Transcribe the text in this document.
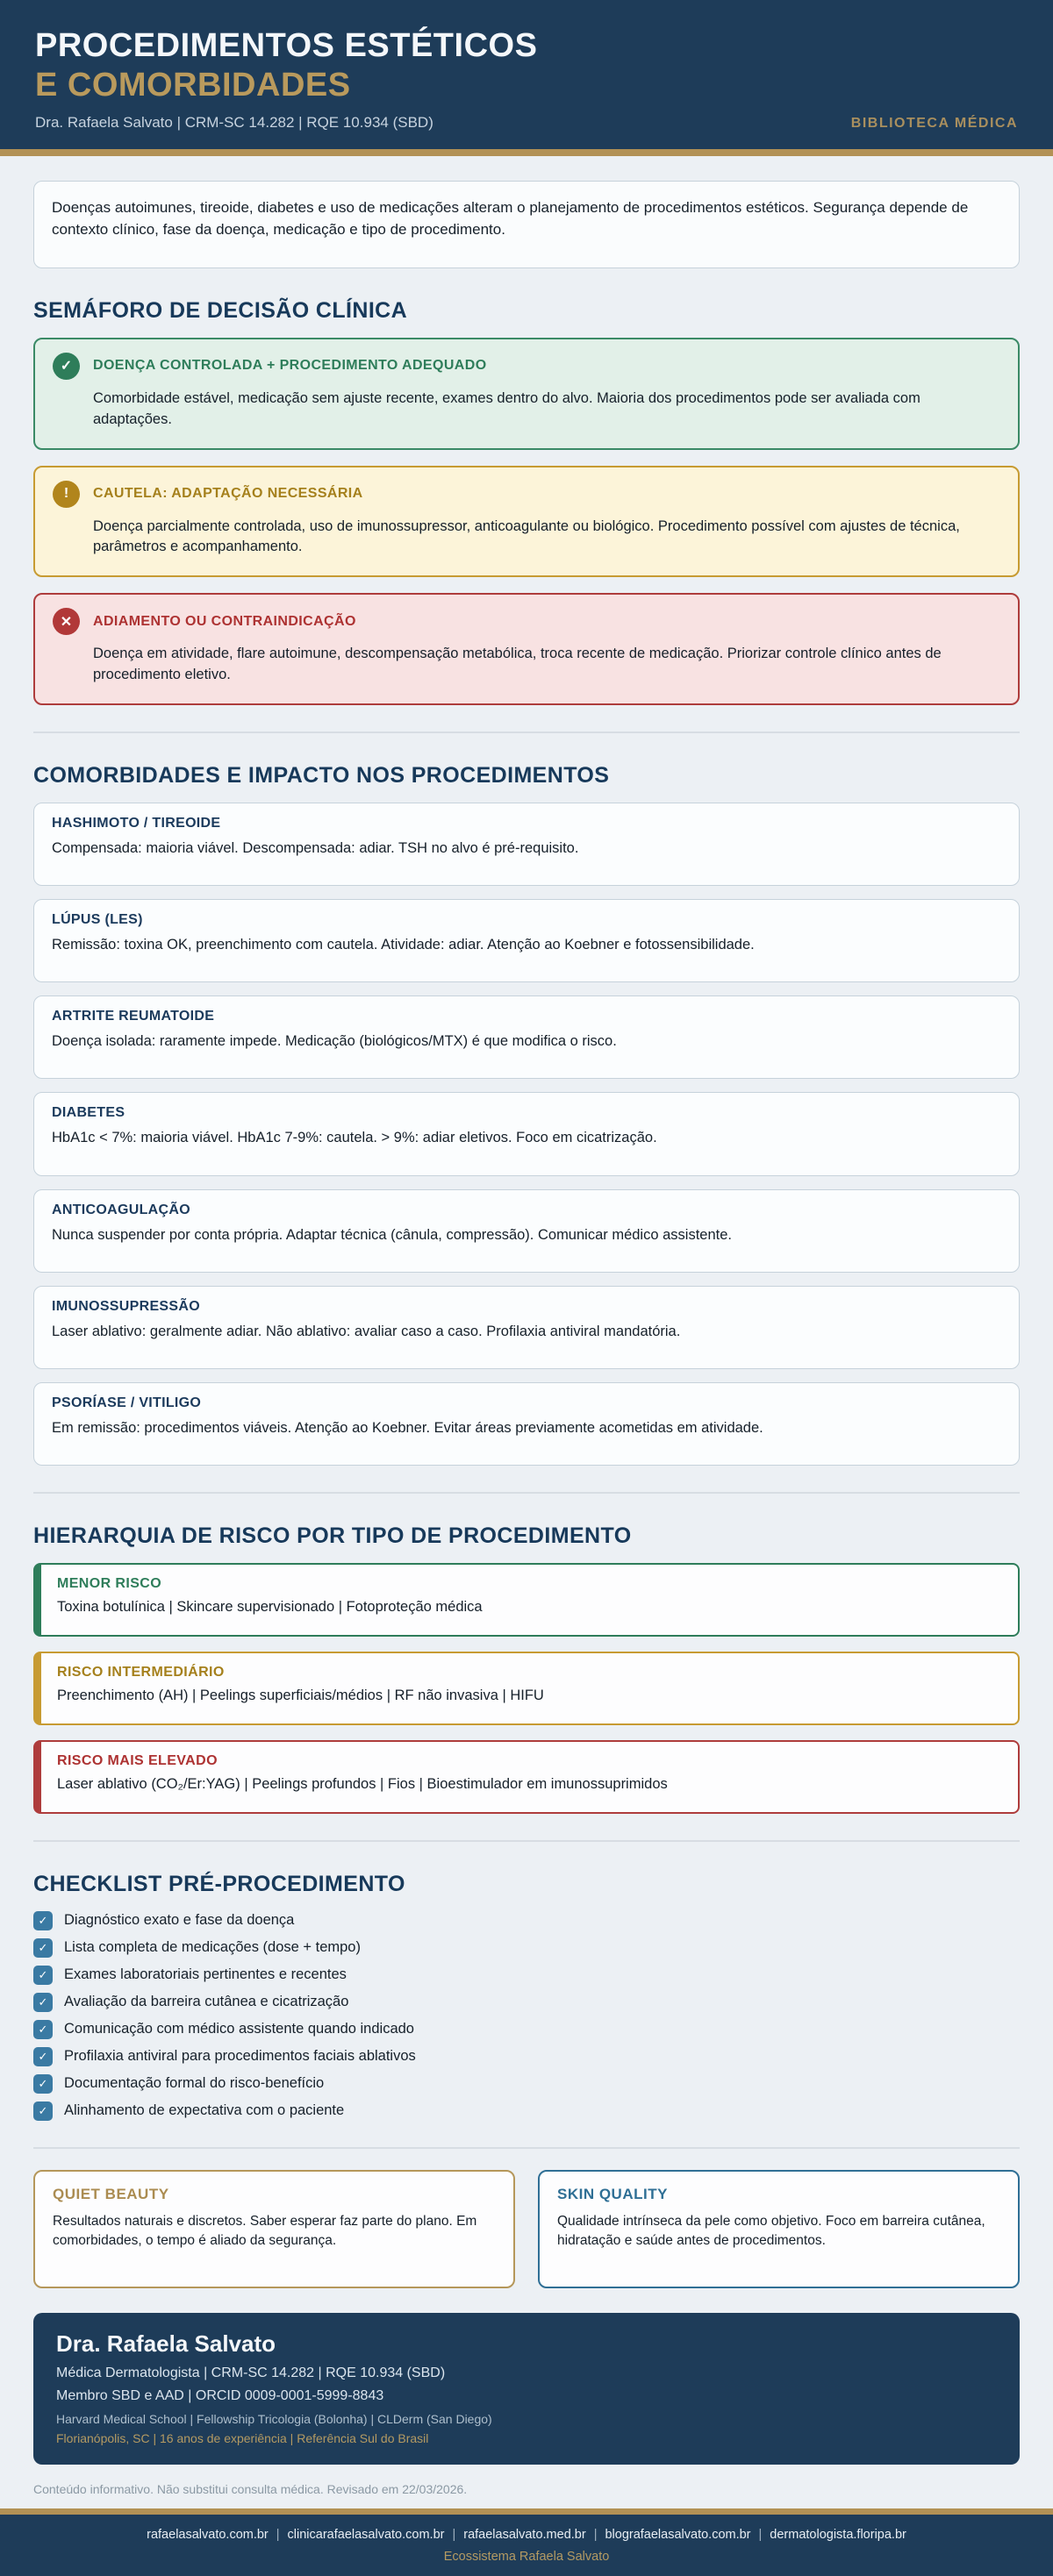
PROCEDIMENTOS ESTÉTICOS
E COMORBIDADES
Dra. Rafaela Salvato | CRM-SC 14.282 | RQE 10.934 (SBD)	BIBLIOTECA MÉDICA

Doenças autoimunes, tireoide, diabetes e uso de medicações alteram o planejamento de procedimentos estéticos. Segurança depende de contexto clínico, fase da doença, medicação e tipo de procedimento.

SEMÁFORO DE DECISÃO CLÍNICA
✓	DOENÇA CONTROLADA + PROCEDIMENTO ADEQUADO

Comorbidade estável, medicação sem ajuste recente, exames dentro do alvo. Maioria dos procedimentos pode ser avaliada com adaptações.

!	CAUTELA: ADAPTAÇÃO NECESSÁRIA

Doença parcialmente controlada, uso de imunossupressor, anticoagulante ou biológico. Procedimento possível com ajustes de técnica, parâmetros e acompanhamento.

✕	ADIAMENTO OU CONTRAINDICAÇÃO

Doença em atividade, flare autoimune, descompensação metabólica, troca recente de medicação. Priorizar controle clínico antes de procedimento eletivo.

COMORBIDADES E IMPACTO NOS PROCEDIMENTOS
HASHIMOTO / TIREOIDE

Compensada: maioria viável. Descompensada: adiar. TSH no alvo é pré-requisito.

LÚPUS (LES)

Remissão: toxina OK, preenchimento com cautela. Atividade: adiar. Atenção ao Koebner e fotossensibilidade.

ARTRITE REUMATOIDE

Doença isolada: raramente impede. Medicação (biológicos/MTX) é que modifica o risco.

DIABETES

HbA1c < 7%: maioria viável. HbA1c 7-9%: cautela. > 9%: adiar eletivos. Foco em cicatrização.

ANTICOAGULAÇÃO

Nunca suspender por conta própria. Adaptar técnica (cânula, compressão). Comunicar médico assistente.

IMUNOSSUPRESSÃO

Laser ablativo: geralmente adiar. Não ablativo: avaliar caso a caso. Profilaxia antiviral mandatória.

PSORÍASE / VITILIGO

Em remissão: procedimentos viáveis. Atenção ao Koebner. Evitar áreas previamente acometidas em atividade.

HIERARQUIA DE RISCO POR TIPO DE PROCEDIMENTO
MENOR RISCO

Toxina botulínica | Skincare supervisionado | Fotoproteção médica

RISCO INTERMEDIÁRIO

Preenchimento (AH) | Peelings superficiais/médios | RF não invasiva | HIFU

RISCO MAIS ELEVADO

Laser ablativo (CO₂/Er:YAG) | Peelings profundos | Fios | Bioestimulador em imunossuprimidos

CHECKLIST PRÉ-PROCEDIMENTO
✓	Diagnóstico exato e fase da doença
✓	Lista completa de medicações (dose + tempo)
✓	Exames laboratoriais pertinentes e recentes
✓	Avaliação da barreira cutânea e cicatrização
✓	Comunicação com médico assistente quando indicado
✓	Profilaxia antiviral para procedimentos faciais ablativos
✓	Documentação formal do risco-benefício
✓	Alinhamento de expectativa com o paciente
QUIET BEAUTY

Resultados naturais e discretos. Saber esperar faz parte do plano. Em comorbidades, o tempo é aliado da segurança.

SKIN QUALITY

Qualidade intrínseca da pele como objetivo. Foco em barreira cutânea, hidratação e saúde antes de procedimentos.

Dra. Rafaela Salvato
Médica Dermatologista | CRM-SC 14.282 | RQE 10.934 (SBD)
Membro SBD e AAD | ORCID 0009-0001-5999-8843
Harvard Medical School | Fellowship Tricologia (Bolonha) | CLDerm (San Diego)
Florianópolis, SC | 16 anos de experiência | Referência Sul do Brasil

Conteúdo informativo. Não substitui consulta médica. Revisado em 22/03/2026.

rafaelasalvato.com.br | clinicarafaelasalvato.com.br | rafaelasalvato.med.br | blografaelasalvato.com.br | dermatologista.floripa.br
Ecossistema Rafaela Salvato
